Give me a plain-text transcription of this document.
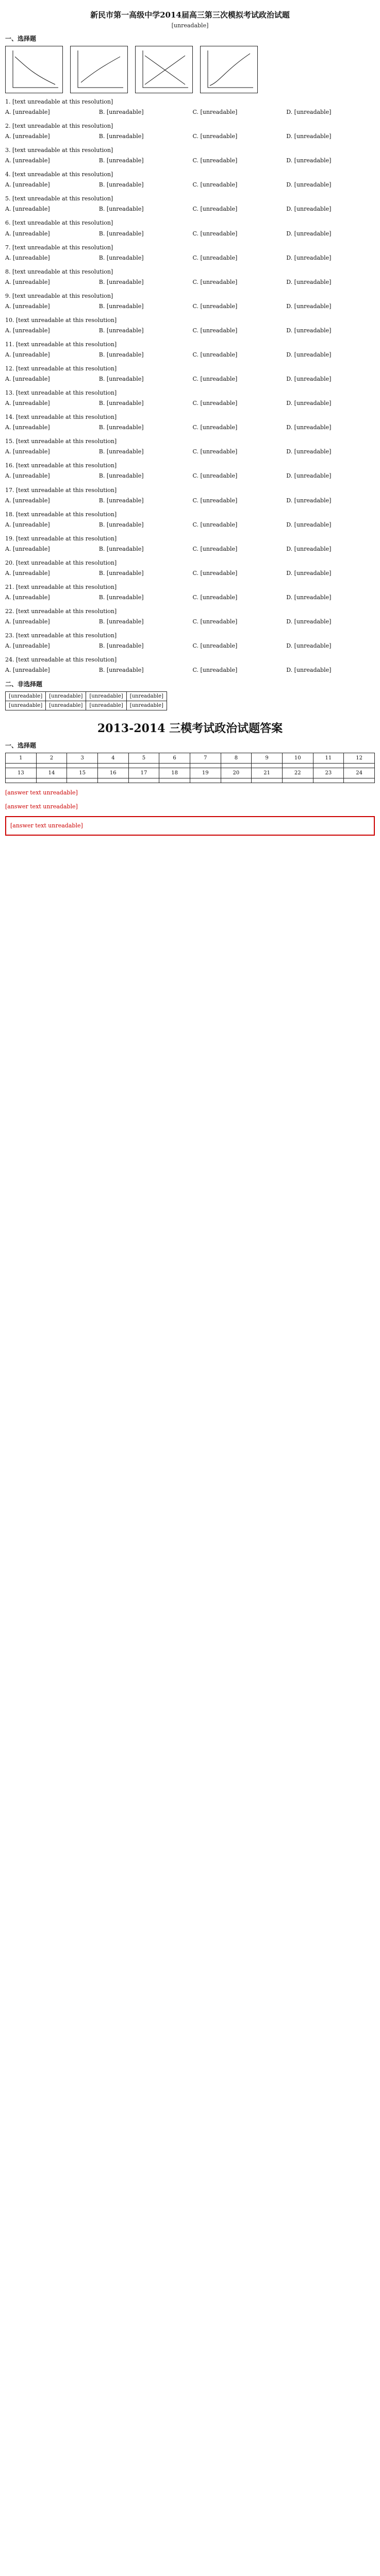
新民市第一高级中学2014届高三第三次模拟考试政治试题
[unreadable]
一、选择题
1. [text unreadable at this resolution]
A. [unreadable]	B. [unreadable]	C. [unreadable]	D. [unreadable]
2. [text unreadable at this resolution]
A. [unreadable]	B. [unreadable]	C. [unreadable]	D. [unreadable]
3. [text unreadable at this resolution]
A. [unreadable]	B. [unreadable]	C. [unreadable]	D. [unreadable]
4. [text unreadable at this resolution]
A. [unreadable]	B. [unreadable]	C. [unreadable]	D. [unreadable]
5. [text unreadable at this resolution]
A. [unreadable]	B. [unreadable]	C. [unreadable]	D. [unreadable]
6. [text unreadable at this resolution]
A. [unreadable]	B. [unreadable]	C. [unreadable]	D. [unreadable]
7. [text unreadable at this resolution]
A. [unreadable]	B. [unreadable]	C. [unreadable]	D. [unreadable]
8. [text unreadable at this resolution]
A. [unreadable]	B. [unreadable]	C. [unreadable]	D. [unreadable]
9. [text unreadable at this resolution]
A. [unreadable]	B. [unreadable]	C. [unreadable]	D. [unreadable]
10. [text unreadable at this resolution]
A. [unreadable]	B. [unreadable]	C. [unreadable]	D. [unreadable]
11. [text unreadable at this resolution]
A. [unreadable]	B. [unreadable]	C. [unreadable]	D. [unreadable]
12. [text unreadable at this resolution]
A. [unreadable]	B. [unreadable]	C. [unreadable]	D. [unreadable]
13. [text unreadable at this resolution]
A. [unreadable]	B. [unreadable]	C. [unreadable]	D. [unreadable]
14. [text unreadable at this resolution]
A. [unreadable]	B. [unreadable]	C. [unreadable]	D. [unreadable]
15. [text unreadable at this resolution]
A. [unreadable]	B. [unreadable]	C. [unreadable]	D. [unreadable]
16. [text unreadable at this resolution]
A. [unreadable]	B. [unreadable]	C. [unreadable]	D. [unreadable]
17. [text unreadable at this resolution]
A. [unreadable]	B. [unreadable]	C. [unreadable]	D. [unreadable]
18. [text unreadable at this resolution]
A. [unreadable]	B. [unreadable]	C. [unreadable]	D. [unreadable]
19. [text unreadable at this resolution]
A. [unreadable]	B. [unreadable]	C. [unreadable]	D. [unreadable]
20. [text unreadable at this resolution]
A. [unreadable]	B. [unreadable]	C. [unreadable]	D. [unreadable]
21. [text unreadable at this resolution]
A. [unreadable]	B. [unreadable]	C. [unreadable]	D. [unreadable]
22. [text unreadable at this resolution]
A. [unreadable]	B. [unreadable]	C. [unreadable]	D. [unreadable]
23. [text unreadable at this resolution]
A. [unreadable]	B. [unreadable]	C. [unreadable]	D. [unreadable]
24. [text unreadable at this resolution]
A. [unreadable]	B. [unreadable]	C. [unreadable]	D. [unreadable]
二、非选择题
[unreadable]	[unreadable]	[unreadable]	[unreadable]
[unreadable]	[unreadable]	[unreadable]	[unreadable]
2013-2014 三模考试政治试题答案
一、选择题
1	2	3	4	5	6	7	8	9	10	11	12

13	14	15	16	17	18	19	20	21	22	23	24

[answer text unreadable]
[answer text unreadable]
[answer text unreadable]
